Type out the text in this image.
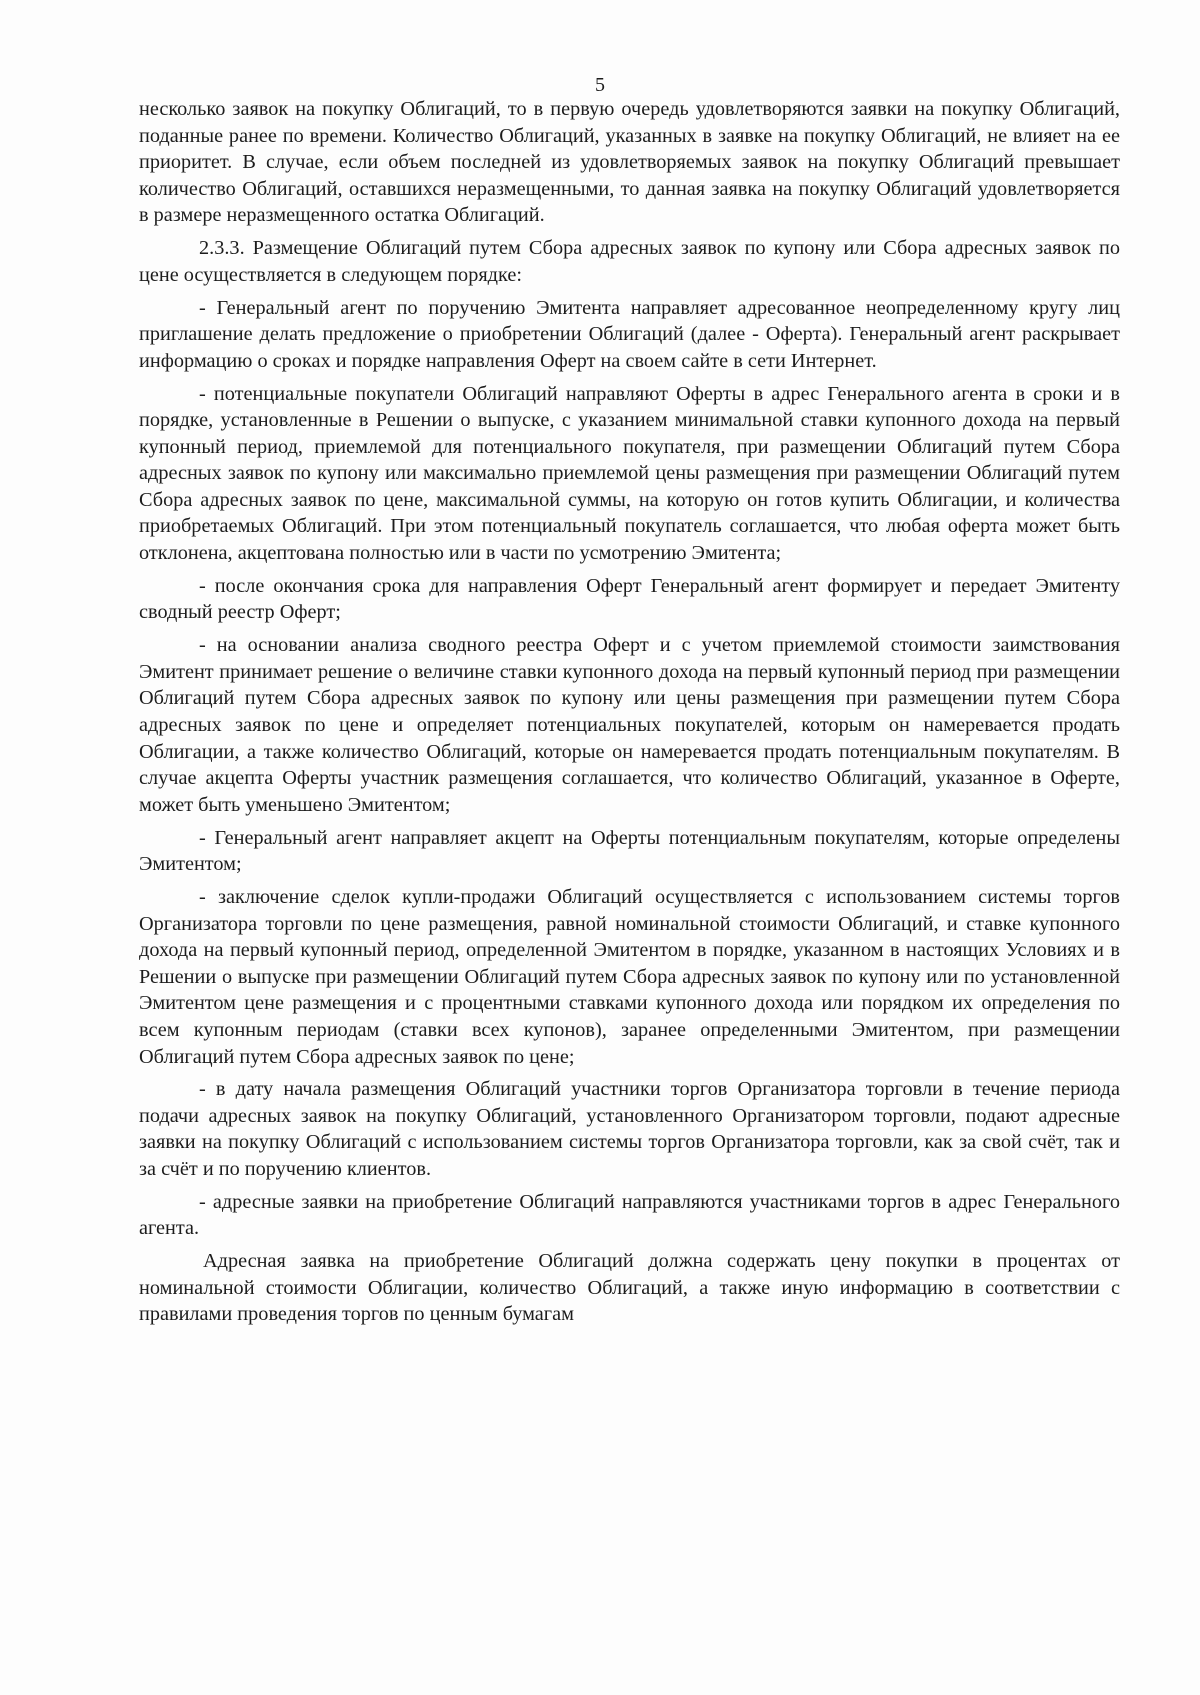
5

несколько заявок на покупку Облигаций, то в первую очередь удовлетворяются заявки на покупку Облигаций, поданные ранее по времени. Количество Облигаций, указанных в заявке на покупку Облигаций, не влияет на ее приоритет. В случае, если объем последней из удовлетворяемых заявок на покупку Облигаций превышает количество Облигаций, оставшихся неразмещенными, то данная заявка на покупку Облигаций удовлетворяется в размере неразмещенного остатка Облигаций.

2.3.3. Размещение Облигаций путем Сбора адресных заявок по купону или Сбора адресных заявок по цене осуществляется в следующем порядке:

- Генеральный агент по поручению Эмитента направляет адресованное неопределенному кругу лиц приглашение делать предложение о приобретении Облигаций (далее - Оферта). Генеральный агент раскрывает информацию о сроках и порядке направления Оферт на своем сайте в сети Интернет.

- потенциальные покупатели Облигаций направляют Оферты в адрес Генерального агента в сроки и в порядке, установленные в Решении о выпуске, с указанием минимальной ставки купонного дохода на первый купонный период, приемлемой для потенциального покупателя, при размещении Облигаций путем Сбора адресных заявок по купону или максимально приемлемой цены размещения при размещении Облигаций путем Сбора адресных заявок по цене, максимальной суммы, на которую он готов купить Облигации, и количества приобретаемых Облигаций. При этом потенциальный покупатель соглашается, что любая оферта может быть отклонена, акцептована полностью или в части по усмотрению Эмитента;

- после окончания срока для направления Оферт Генеральный агент формирует и передает Эмитенту сводный реестр Оферт;

- на основании анализа сводного реестра Оферт и с учетом приемлемой стоимости заимствования Эмитент принимает решение о величине ставки купонного дохода на первый купонный период при размещении Облигаций путем Сбора адресных заявок по купону или цены размещения при размещении путем Сбора адресных заявок по цене и определяет потенциальных покупателей, которым он намеревается продать Облигации, а также количество Облигаций, которые он намеревается продать потенциальным покупателям. В случае акцепта Оферты участник размещения соглашается, что количество Облигаций, указанное в Оферте, может быть уменьшено Эмитентом;

- Генеральный агент направляет акцепт на Оферты потенциальным покупателям, которые определены Эмитентом;

- заключение сделок купли-продажи Облигаций осуществляется с использованием системы торгов Организатора торговли по цене размещения, равной номинальной стоимости Облигаций, и ставке купонного дохода на первый купонный период, определенной Эмитентом в порядке, указанном в настоящих Условиях и в Решении о выпуске при размещении Облигаций путем Сбора адресных заявок по купону или по установленной Эмитентом цене размещения и с процентными ставками купонного дохода или порядком их определения по всем купонным периодам (ставки всех купонов), заранее определенными Эмитентом, при размещении Облигаций путем Сбора адресных заявок по цене;

- в дату начала размещения Облигаций участники торгов Организатора торговли в течение периода подачи адресных заявок на покупку Облигаций, установленного Организатором торговли, подают адресные заявки на покупку Облигаций с использованием системы торгов Организатора торговли, как за свой счёт, так и за счёт и по поручению клиентов.

- адресные заявки на приобретение Облигаций направляются участниками торгов в адрес Генерального агента.

Адресная заявка на приобретение Облигаций должна содержать цену покупки в процентах от номинальной стоимости Облигации, количество Облигаций, а также иную информацию в соответствии с правилами проведения торгов по ценным бумагам
